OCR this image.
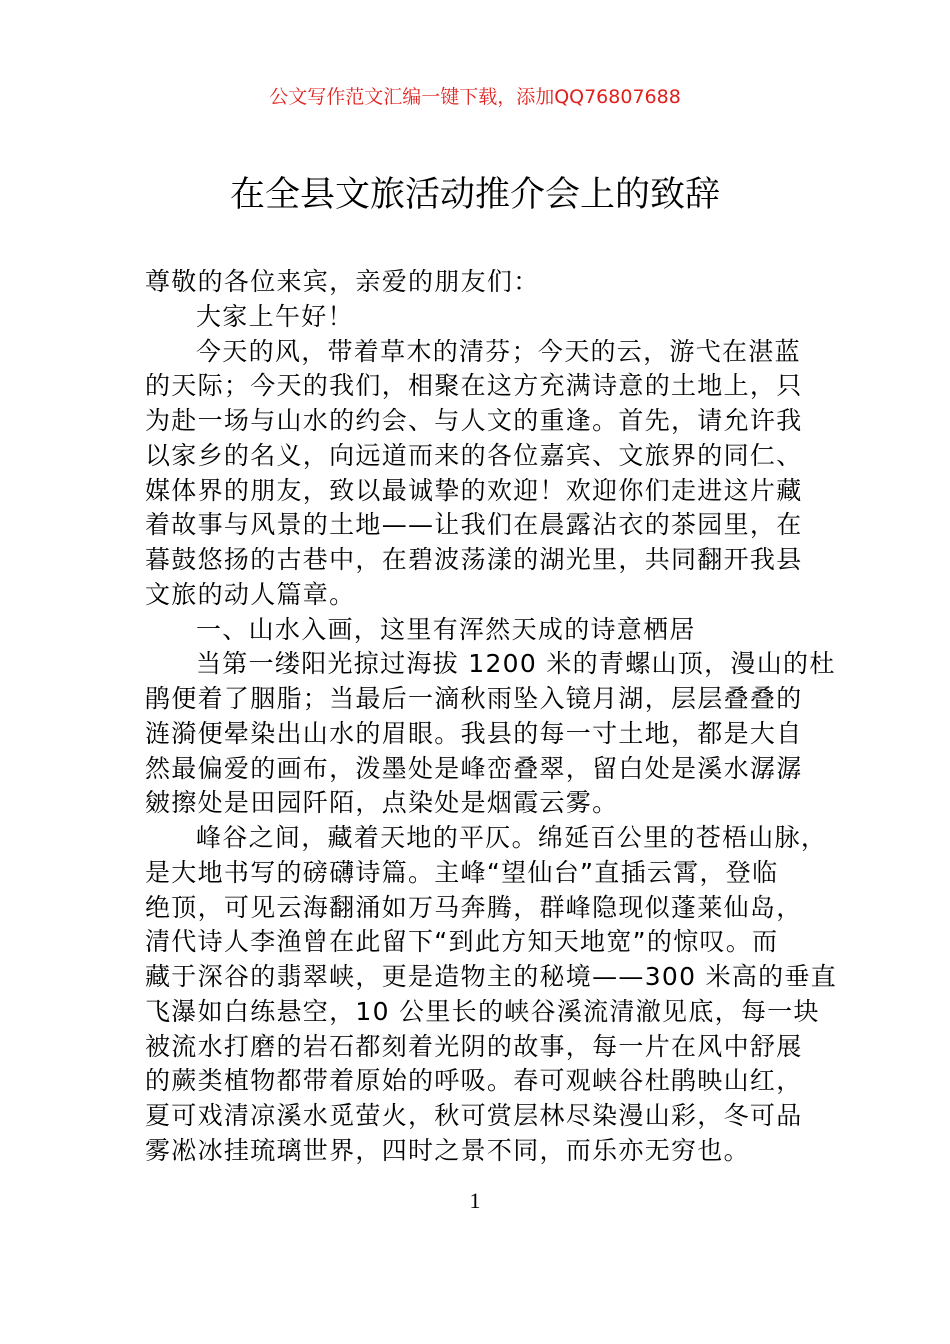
公文写作范文汇编一键下载，添加QQ76807688
在全县文旅活动推介会上的致辞
尊敬的各位来宾，亲爱的朋友们：
大家上午好！
今天的风，带着草木的清芬；今天的云，游弋在湛蓝
的天际；今天的我们，相聚在这方充满诗意的土地上，只
为赴一场与山水的约会、与人文的重逢。首先，请允许我
以家乡的名义，向远道而来的各位嘉宾、文旅界的同仁、
媒体界的朋友，致以最诚挚的欢迎！欢迎你们走进这片藏
着故事与风景的土地——让我们在晨露沾衣的茶园里，在
暮鼓悠扬的古巷中，在碧波荡漾的湖光里，共同翻开我县
文旅的动人篇章。
一、山水入画，这里有浑然天成的诗意栖居
当第一缕阳光掠过海拔 1200 米的青螺山顶，漫山的杜
鹃便着了胭脂；当最后一滴秋雨坠入镜月湖，层层叠叠的
涟漪便晕染出山水的眉眼。我县的每一寸土地，都是大自
然最偏爱的画布，泼墨处是峰峦叠翠，留白处是溪水潺潺
皴擦处是田园阡陌，点染处是烟霞云雾。
峰谷之间，藏着天地的平仄。绵延百公里的苍梧山脉，
是大地书写的磅礴诗篇。主峰“望仙台”直插云霄，登临
绝顶，可见云海翻涌如万马奔腾，群峰隐现似蓬莱仙岛，
清代诗人李渔曾在此留下“到此方知天地宽”的惊叹。而
藏于深谷的翡翠峡，更是造物主的秘境——300 米高的垂直
飞瀑如白练悬空，10 公里长的峡谷溪流清澈见底，每一块
被流水打磨的岩石都刻着光阴的故事，每一片在风中舒展
的蕨类植物都带着原始的呼吸。春可观峡谷杜鹃映山红，
夏可戏清凉溪水觅萤火，秋可赏层林尽染漫山彩，冬可品
雾凇冰挂琉璃世界，四时之景不同，而乐亦无穷也。
1
